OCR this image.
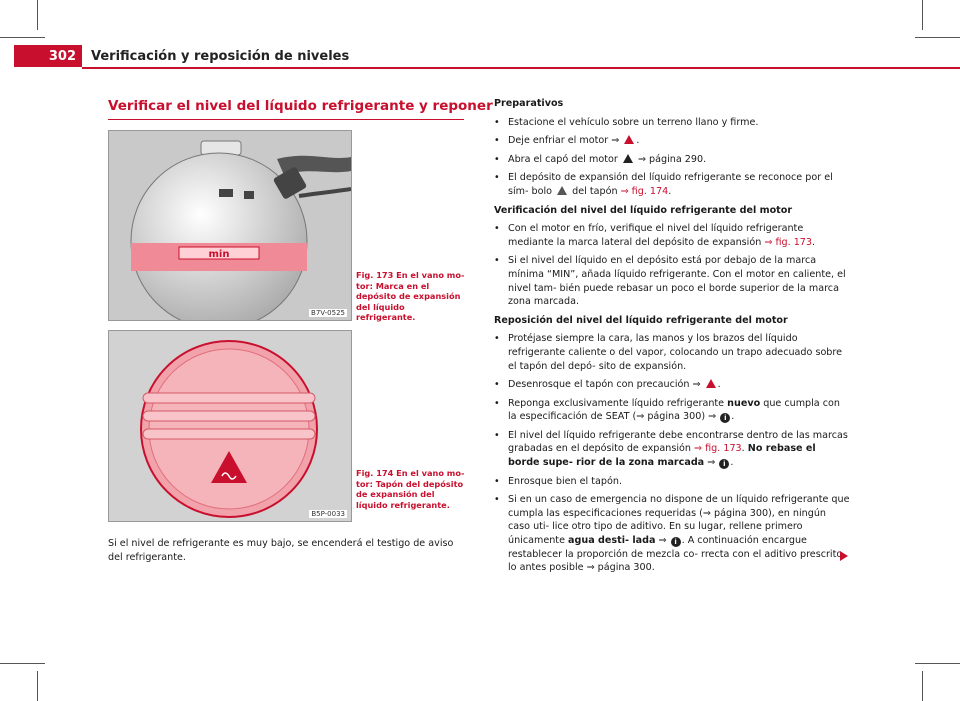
302	Verificación y reposición de niveles
Verificar el nivel del líquido refrigerante y reponer
min
B7V-0525
Fig. 173 En el vano mo- tor: Marca en el depósito de expansión del líquido refrigerante.
B5P-0033
Fig. 174 En el vano mo- tor: Tapón del depósito de expansión del líquido refrigerante.
Si el nivel de refrigerante es muy bajo, se encenderá el testigo de aviso del refrigerante.

Preparativos

• Estacione el vehículo sobre un terreno llano y firme.
• Deje enfriar el motor ⇒ .
• Abra el capó del motor ⇒ página 290.
• El depósito de expansión del líquido refrigerante se reconoce por el sím- bolo del tapón ⇒ fig. 174.

Verificación del nivel del líquido refrigerante del motor

• Con el motor en frío, verifique el nivel del líquido refrigerante mediante la marca lateral del depósito de expansión ⇒ fig. 173.
• Si el nivel del líquido en el depósito está por debajo de la marca mínima “MIN”, añada líquido refrigerante. Con el motor en caliente, el nivel tam- bién puede rebasar un poco el borde superior de la marca zona marcada.

Reposición del nivel del líquido refrigerante del motor

• Protéjase siempre la cara, las manos y los brazos del líquido refrigerante caliente o del vapor, colocando un trapo adecuado sobre el tapón del depó- sito de expansión.
• Desenrosque el tapón con precaución ⇒ .
• Reponga exclusivamente líquido refrigerante nuevo que cumpla con la especificación de SEAT (⇒ página 300) ⇒ i .
• El nivel del líquido refrigerante debe encontrarse dentro de las marcas grabadas en el depósito de expansión ⇒ fig. 173. No rebase el borde supe- rior de la zona marcada ⇒ i .
• Enrosque bien el tapón.
• Si en un caso de emergencia no dispone de un líquido refrigerante que cumpla las especificaciones requeridas (⇒ página 300), en ningún caso uti- lice otro tipo de aditivo. En su lugar, rellene primero únicamente agua desti- lada ⇒ i . A continuación encargue restablecer la proporción de mezcla co- rrecta con el aditivo prescrito lo antes posible ⇒ página 300.
